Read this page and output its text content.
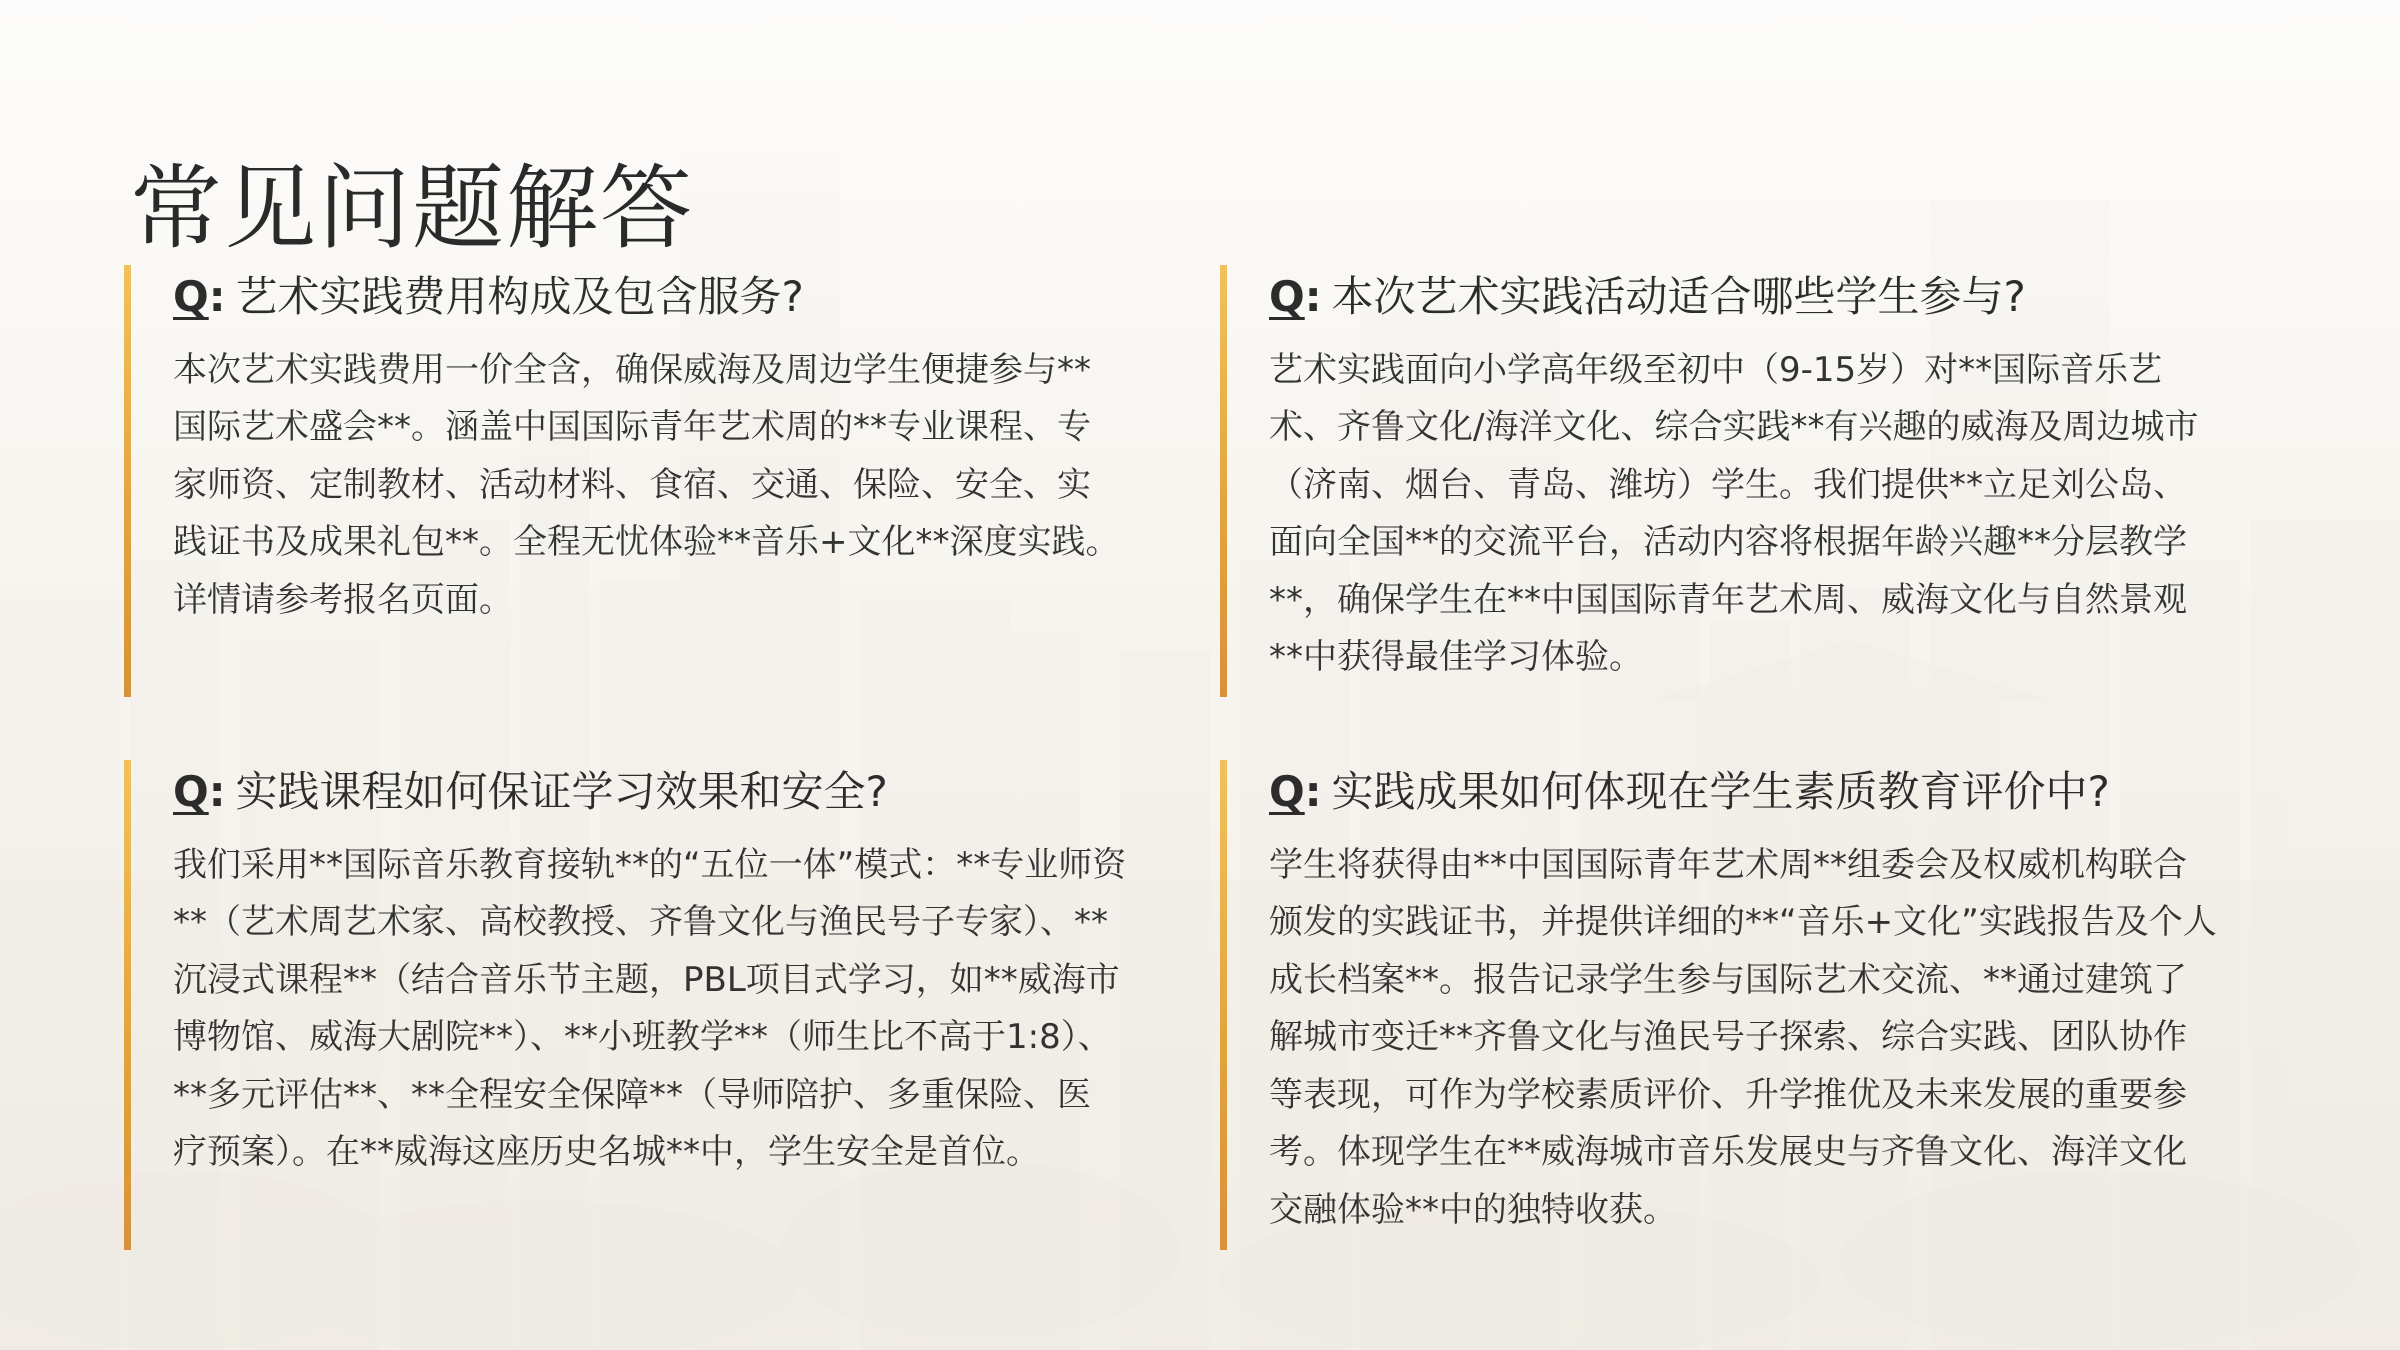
常见问题解答
Q: 艺术实践费用构成及包含服务?

本次艺术实践费用一价全含，确保威海及周边学生便捷参与**
国际艺术盛会**。涵盖中国国际青年艺术周的**专业课程、专
家师资、定制教材、活动材料、食宿、交通、保险、安全、实
践证书及成果礼包**。全程无忧体验**音乐+文化**深度实践。
详情请参考报名页面。

Q: 本次艺术实践活动适合哪些学生参与?

艺术实践面向小学高年级至初中（9-15岁）对**国际音乐艺
术、齐鲁文化/海洋文化、综合实践**有兴趣的威海及周边城市
（济南、烟台、青岛、潍坊）学生。我们提供**立足刘公岛、
面向全国**的交流平台，活动内容将根据年龄兴趣**分层教学
**，确保学生在**中国国际青年艺术周、威海文化与自然景观
**中获得最佳学习体验。

Q: 实践课程如何保证学习效果和安全?

我们采用**国际音乐教育接轨**的“五位一体”模式：**专业师资
**（艺术周艺术家、高校教授、齐鲁文化与渔民号子专家）、**
沉浸式课程**（结合音乐节主题，PBL项目式学习，如**威海市
博物馆、威海大剧院**）、**小班教学**（师生比不高于1:8）、
**多元评估**、**全程安全保障**（导师陪护、多重保险、医
疗预案）。在**威海这座历史名城**中，学生安全是首位。

Q: 实践成果如何体现在学生素质教育评价中?

学生将获得由**中国国际青年艺术周**组委会及权威机构联合
颁发的实践证书，并提供详细的**“音乐+文化”实践报告及个人
成长档案**。报告记录学生参与国际艺术交流、**通过建筑了
解城市变迁**齐鲁文化与渔民号子探索、综合实践、团队协作
等表现，可作为学校素质评价、升学推优及未来发展的重要参
考。体现学生在**威海城市音乐发展史与齐鲁文化、海洋文化
交融体验**中的独特收获。
